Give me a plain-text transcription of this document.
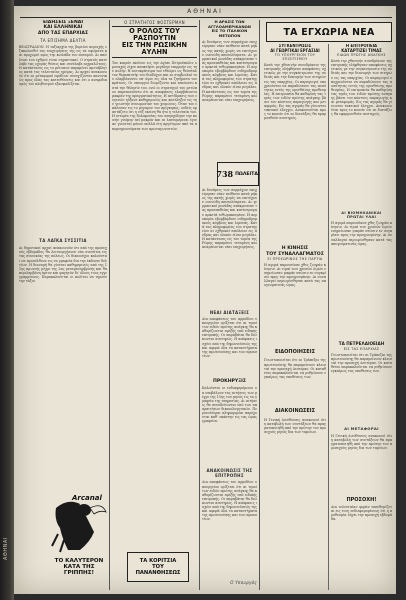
ΑΘΗΝΑΙ
ΑΘΗΝΑΙ
ΕΙΔΗΣΕΙΣ ΞΕΝΑΙ
ΚΑΙ ΕΛΛΗΝΙΚΑΙ
ΑΠΟ ΤΑΣ ΕΠΑΡΧΙΑΣ
ΤΑ ΕΠΙΣΗΜΑ ΔΕΛΤΙΑ
ΒΕΛΙΓΡΑΔΙΟΝ. Η ταξιαρχία της βορείου περιοχής εξακολουθεί τας επιχειρήσεις της εις τα υψώματα και προχωρεί προς την κοιλάδα του ποταμού. Αι απώλειαι του εχθρού είναι σημαντικαί. Ο στρατός κατέλαβε τας οχυράς θέσεις και συνέλαβε αιχμαλώτους. Η κατάστασις εις το μέτωπον παραμένει αμετάβλητος κατά τας τελευταίας ημέρας. Αι αρχαί ανακοινούν ότι αι μεταφοραί εφοδίων συνεχίζονται κανονικώς προς όλας τας κατευθύνσεις και ότι ο ανεφοδιασμός του πληθυσμού εξασφαλίζεται.
ΤΑ ΛΑΪΚΑ ΣΥΣΣΙΤΙΑ
Αι δημοτικαί αρχαί ανακοινούν ότι από της προσεχούς εβδομάδος θα λειτουργήσουν νέα συσσίτια εις τας συνοικίας της πόλεως. Οι δικαιούχοι καλούνται να προσέλθουν εις τα γραφεία δια την έκδοσιν δελτίων. Η διανομή θα γίνεται καθημερινώς από της 11ης πρωινής μέχρι της 2ας μεταμεσημβρινής και θα περιλαμβάνη άρτον και φαγητόν δι' όλους τους εγγεγραμμένους. Παρακαλούνται οι πολίται να τηρούν την τάξιν.
Arcanal
ΤΟ ΚΑΛΥΤΕΡΟΝ ΚΑΤΑ ΤΗΣ ΓΡΙΠΠΗΣ!
Ο ΣΤΡΑΤΗΓΟΣ ΦΟΣΤΕΡΜΑΝ
Ο ΡΟΛΟΣ ΤΟΥ ΡΑΣΠΟΥΤΙΝ
ΕΙΣ ΤΗΝ ΡΩΣΙΚΗΝ ΑΥΛΗΝ
Τον καιρόν εκείνον εις την Αγίαν Πετρούπολιν ο μοναχός είχεν αποκτήσει μεγάλην επιρροήν εις την αυλήν. Η αυτοκράτειρα τον εθεώρει ως θεόσταλτον θεραπευτήν του διαδόχου και αι συμβουλαί του ελαμβάνοντο υπ' όψιν εις όλα τα ζητήματα του κράτους. Οι υπουργοί διωρίζοντο και επαύοντο κατά την θέλησίν του, ενώ οι στρατηγοί του μετώπου παρεπονούντο ότι αι αποφάσεις ελαμβάνοντο μακράν της πραγματικότητος. Η αντίδρασις των ευγενών ηύξανε καθημερινώς και κατέληξεν εις την γνωστήν συνωμοσίαν του χειμώνος. Όταν τον εκάλεσαν εις το μέγαρον του πρίγκηπος, ουδείς εφαντάζετο ότι η νύξ εκείνη θα ήτο η τελευταία του. Η ιστορία της δολοφονίας του απησχόλησε την κοινήν γνώμην επί μακρόν και αι λεπτομέρειαι έγιναν γνωσταί μόνον πολλά έτη αργότερον από τα απομνημονεύματα των πρωταγωνιστών.
ΤΑ ΚΟΡΙΤΣΙΑ
ΤΟΥ
ΠΑΝΑΝΘΗΣΕΩΣ
Η ΔΡΑΣΙΣ ΤΩΝ ΑΓΓΛΟΑΜΕΡΙΚΑΝΩΝ
ΕΙΣ ΤΟ ΙΤΑΛΙΚΟΝ ΜΕΤΩΠΟΝ
Αι δυνάμεις των συμμάχων επεχείρησαν νέαν επίθεσιν κατά μήκος της ακτής χωρίς να επιτύχουν ουσιώδη αποτελέσματα. Αι γερμανικαί μονάδες απέκρουσαν τας προσπαθείας και κατέστρεψαν αρκετά τεθωρακισμένα. Η αεροπορία εβομβάρδισε σιδηροδρομικούς κόμβους και λιμένας. Κατά τας πληροφορίας του στρατηγείου αι εχθρικαί απώλειαι εις άνδρας και υλικόν είναι μεγάλαι. Η κατάστασις εις τον τομέα της Ρώμης παραμένει τεταμένη και αναμένονται νέαι επιχειρήσεις.
738 ΠΩΛΕΙΤΑΙ
Αι δυνάμεις των συμμάχων επεχείρησαν νέαν επίθεσιν κατά μήκος της ακτής χωρίς να επιτύχουν ουσιώδη αποτελέσματα. Αι γερμανικαί μονάδες απέκρουσαν τας προσπαθείας και κατέστρεψαν αρκετά τεθωρακισμένα. Η αεροπορία εβομβάρδισε σιδηροδρομικούς κόμβους και λιμένας. Κατά τας πληροφορίας του στρατηγείου αι εχθρικαί απώλειαι εις άνδρας και υλικόν είναι μεγάλαι. Η κατάστασις εις τον τομέα της Ρώμης παραμένει τεταμένη και αναμένονται νέαι επιχειρήσεις.
ΝΕΑΙ ΔΙΑΤΑΞΕΙΣ
Δια αποφάσεως του αρμοδίου υπουργείου ορίζεται ότι αι τιμαί των ειδών πρώτης ανάγκης θα καθορίζωνται εφεξής υπό ειδικής επιτροπής. Οι παραβάται θα διώκωνται αυστηρώς. Η απόφασις ισχύει από της δημοσιεύσεώς της και αφορά όλα τα καταστήματα της πρωτευούσης και των προαστίων.
ΠΡΟΚΗΡΥΞΙΣ
Καλούνται οι ενδιαφερόμενοι να υποβάλουν τας αιτήσεις των μέχρι της 15ης του μηνός εις τα γραφεία της υπηρεσίας. Αι αιτήσεις θα συνοδεύωνται υπό των απαραιτήτων δικαιολογητικών. Περισσότεραι πληροφορίαι παρέχονται καθ' εκάστην εις τας ώρας γραφείου.
ΑΝΑΚΟΙΝΩΣΙΣ ΤΗΣ ΕΠΙΤΡΟΠΗΣ
Δια αποφάσεως του αρμοδίου υπουργείου ορίζεται ότι αι τιμαί των ειδών πρώτης ανάγκης θα καθορίζωνται εφεξής υπό ειδικής επιτροπής. Οι παραβάται θα διώκωνται αυστηρώς. Η απόφασις ισχύει από της δημοσιεύσεώς της και αφορά όλα τα καταστήματα της πρωτευούσης και των προαστίων.
Ο Υπουργός
ΤΑ ΕΓΧΩΡΙΑ ΝΕΑ
ΣΥΓΚΕΝΤΡΩΣΙΣ
ΑΙ ΓΕΩΡΓΙΚΑΙ ΕΡΓΑΣΙΑΙ
ΤΟ ΥΠΟΥΡΓΕΙΟΝ ΤΟΥ ΕΠΙΣΙΤΙΣΜΟΥ
Κατά την χθεσινήν συνεδρίασιν της επιτροπής ελήφθησαν αποφάσεις σχετικώς με την συγκέντρωσιν της σοδειάς και την διανομήν των σιτηρών εις τας επαρχίας. Οι παραγωγοί υποχρεούνται να παραδώσουν τας ποσότητας εντός της ορισθείσης προθεσμίας. Η επιτροπεία θα καθορίση τας τιμάς των ειδών πρώτης ανάγκης βάσει του κόστους παραγωγής και μεταφοράς. Εις τας αγοράς θα γίνωνται τακτικοί έλεγχοι. Ανακοινούται προς το κοινόν ότι αι διατάξεις θα εφαρμοσθούν αυστηρώς.
Η ΚΙΝΗΣΙΣ
ΤΟΥ ΣΥΝΑΛΛΑΓΜΑΤΟΣ
ΕΙ ΠΡΟΣΩΡΙΝΟΣ ΤΗΣ ΠΑΡΤΙΑ
Η αγορά παρουσίασε χθες ζωηράν κίνησιν. Αι τιμαί των χρυσών λιρών εσημείωσαν μικράν πτώσιν εν συγκρίσει προς την προηγουμένην. Αι συναλλαγαί περιωρίσθησαν κατά τας απογευματινάς ώρας.
ΕΙΔΟΠΟΙΗΣΕΙΣ
Γνωστοποιείται ότι αι Τράπεζαι της πρωτευούσης θα παραμείνουν κλεισταί την προσεχή Δευτέραν. Οι καταθέται παρακαλούνται να ρυθμίσουν εγκαίρως τας υποθέσεις των.
ΔΙΑΚΟΙΝΩΣΕΙΣ
Η Γενική Διεύθυνσις ανακοινοί ότι η καταβολή των συντάξεων θα πραγματοποιηθή από την πρώτην του προσεχούς μηνός δια των ταμείων.
Η ΕΠΙΤΡΟΠΕΙΑ
ΚΑΤΑΡΤΙΖΕΙ ΤΙΜΑΣ
ΕΙΔΩΝ ΠΡΩΤΗΣ ΑΝΑΓΚΗΣ
Κατά την χθεσινήν συνεδρίασιν της επιτροπής ελήφθησαν αποφάσεις σχετικώς με την συγκέντρωσιν της σοδειάς και την διανομήν των σιτηρών εις τας επαρχίας. Οι παραγωγοί υποχρεούνται να παραδώσουν τας ποσότητας εντός της ορισθείσης προθεσμίας. Η επιτροπεία θα καθορίση τας τιμάς των ειδών πρώτης ανάγκης βάσει του κόστους παραγωγής και μεταφοράς. Εις τας αγοράς θα γίνωνται τακτικοί έλεγχοι. Ανακοινούται προς το κοινόν ότι αι διατάξεις θα εφαρμοσθούν αυστηρώς.
ΑΙ ΒΙΟΜΗΧΑΝΙΚΑΙ
ΠΡΩΤΑΙ ΥΛΑΙ
Η αγορά παρουσίασε χθες ζωηράν κίνησιν. Αι τιμαί των χρυσών λιρών εσημείωσαν μικράν πτώσιν εν συγκρίσει προς την προηγουμένην. Αι συναλλαγαί περιωρίσθησαν κατά τας απογευματινάς ώρας.
ΤΑ ΠΕΤΡΕΛΑΙΟΕΙΔΗ
ΕΙΣ ΤΑΣ ΕΠΑΡΧΙΑΣ
Γνωστοποιείται ότι αι Τράπεζαι της πρωτευούσης θα παραμείνουν κλεισταί την προσεχή Δευτέραν. Οι καταθέται παρακαλούνται να ρυθμίσουν εγκαίρως τας υποθέσεις των.
ΑΙ ΜΕΤΑΦΟΡΑΙ
Η Γενική Διεύθυνσις ανακοινοί ότι η καταβολή των συντάξεων θα πραγματοποιηθή από την πρώτην του προσεχούς μηνός δια των ταμείων.
ΠΡΟΣΟΧΗ!
Δια τελευταίαν φοράν υπενθυμίζεται εις τους ενδιαφερομένους ότι η προθεσμία λήγει την προσεχή εβδομάδα.
